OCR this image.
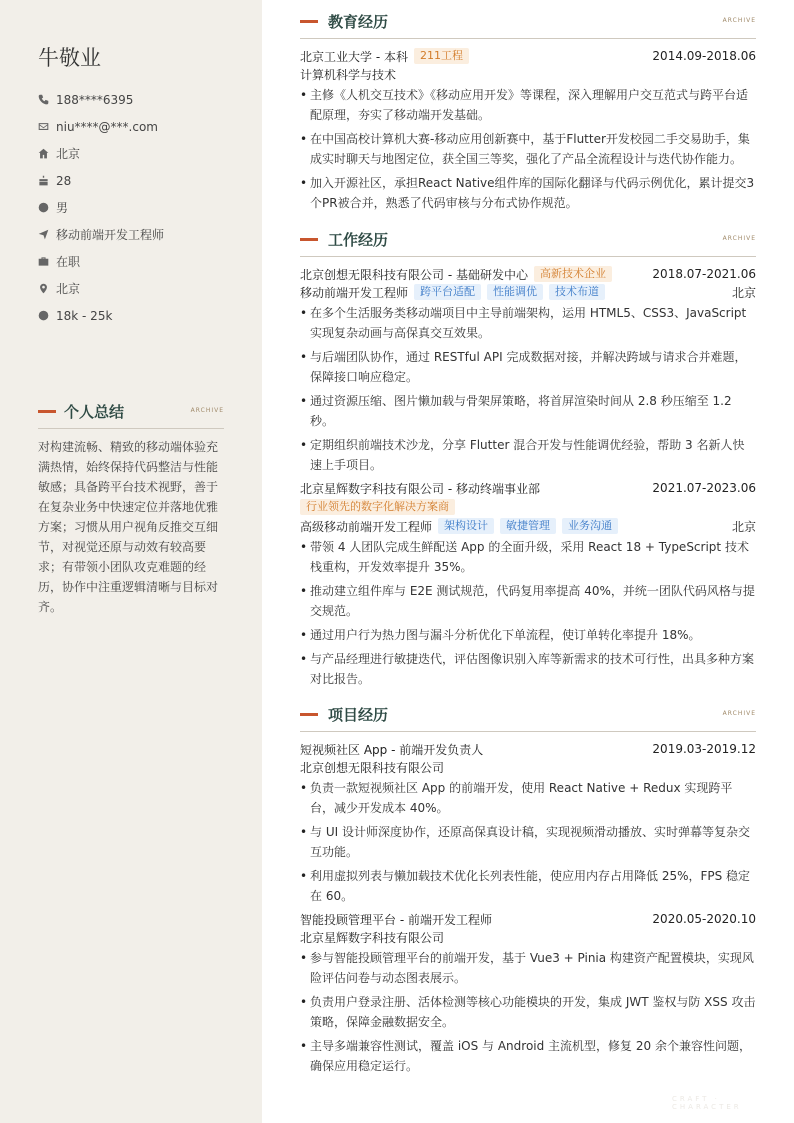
牛敬业
188****6395
niu****@***.com
北京
28
男
移动前端开发工程师
在职
北京
18k - 25k
个人总结	ARCHIVE
对构建流畅、精致的移动端体验充满热情，始终保持代码整洁与性能敏感；具备跨平台技术视野，善于在复杂业务中快速定位并落地优雅方案；习惯从用户视角反推交互细节，对视觉还原与动效有较高要求；有带领小团队攻克难题的经历，协作中注重逻辑清晰与目标对齐。
教育经历	ARCHIVE
北京工业大学 - 本科	211工程	2014.09-2018.06
计算机科学与技术
• 主修《人机交互技术》《移动应用开发》等课程，深入理解用户交互范式与跨平台适配原理，夯实了移动端开发基础。
• 在中国高校计算机大赛-移动应用创新赛中，基于Flutter开发校园二手交易助手，集成实时聊天与地图定位，获全国三等奖，强化了产品全流程设计与迭代协作能力。
• 加入开源社区，承担React Native组件库的国际化翻译与代码示例优化，累计提交3个PR被合并，熟悉了代码审核与分布式协作规范。
工作经历	ARCHIVE
北京创想无限科技有限公司 - 基础研发中心	高新技术企业	2018.07-2021.06
移动前端开发工程师	跨平台适配	性能调优	技术布道	北京
• 在多个生活服务类移动端项目中主导前端架构，运用 HTML5、CSS3、JavaScript 实现复杂动画与高保真交互效果。
• 与后端团队协作，通过 RESTful API 完成数据对接，并解决跨域与请求合并难题，保障接口响应稳定。
• 通过资源压缩、图片懒加载与骨架屏策略，将首屏渲染时间从 2.8 秒压缩至 1.2 秒。
• 定期组织前端技术沙龙，分享 Flutter 混合开发与性能调优经验，帮助 3 名新人快速上手项目。
北京星辉数字科技有限公司 - 移动终端事业部	2021.07-2023.06
行业领先的数字化解决方案商
高级移动前端开发工程师	架构设计	敏捷管理	业务沟通	北京
• 带领 4 人团队完成生鲜配送 App 的全面升级，采用 React 18 + TypeScript 技术栈重构，开发效率提升 35%。
• 推动建立组件库与 E2E 测试规范，代码复用率提高 40%，并统一团队代码风格与提交规范。
• 通过用户行为热力图与漏斗分析优化下单流程，使订单转化率提升 18%。
• 与产品经理进行敏捷迭代，评估图像识别入库等新需求的技术可行性，出具多种方案对比报告。
项目经历	ARCHIVE
短视频社区 App - 前端开发负责人	2019.03-2019.12
北京创想无限科技有限公司
• 负责一款短视频社区 App 的前端开发，使用 React Native + Redux 实现跨平台，减少开发成本 40%。
• 与 UI 设计师深度协作，还原高保真设计稿，实现视频滑动播放、实时弹幕等复杂交互功能。
• 利用虚拟列表与懒加载技术优化长列表性能，使应用内存占用降低 25%，FPS 稳定在 60。
智能投顾管理平台 - 前端开发工程师	2020.05-2020.10
北京星辉数字科技有限公司
• 参与智能投顾管理平台的前端开发，基于 Vue3 + Pinia 构建资产配置模块，实现风险评估问卷与动态图表展示。
• 负责用户登录注册、活体检测等核心功能模块的开发，集成 JWT 鉴权与防 XSS 攻击策略，保障金融数据安全。
• 主导多端兼容性测试，覆盖 iOS 与 Android 主流机型，修复 20 余个兼容性问题，确保应用稳定运行。
CRAFT · CHARACTER
